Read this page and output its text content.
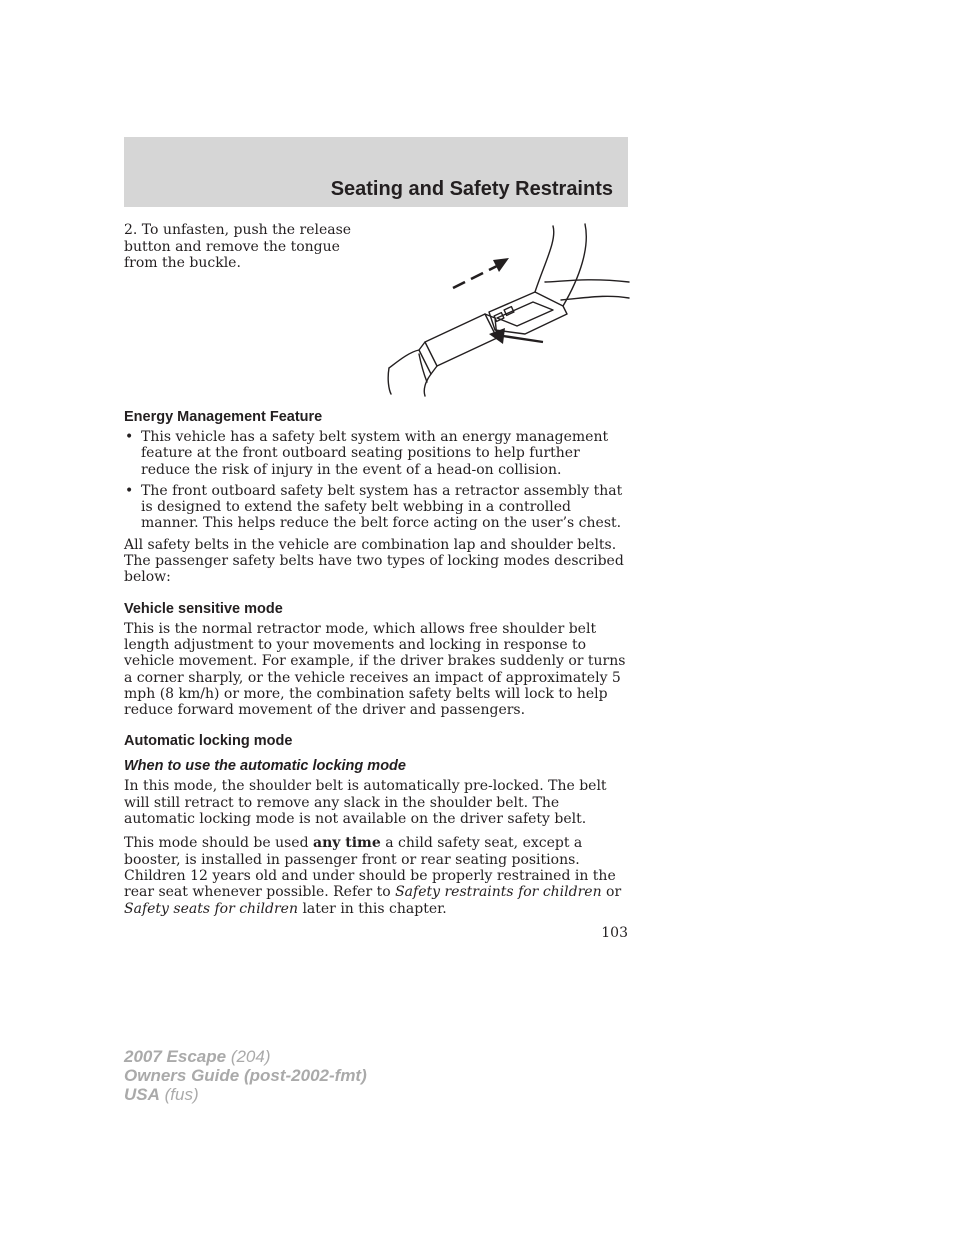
Seating and Safety Restraints

2. To unfasten, push the release button and remove the tongue from the buckle.

Energy Management Feature
• This vehicle has a safety belt system with an energy management feature at the front outboard seating positions to help further reduce the risk of injury in the event of a head-on collision.
• The front outboard safety belt system has a retractor assembly that is designed to extend the safety belt webbing in a controlled manner. This helps reduce the belt force acting on the user’s chest.

All safety belts in the vehicle are combination lap and shoulder belts. The passenger safety belts have two types of locking modes described below:

Vehicle sensitive mode

This is the normal retractor mode, which allows free shoulder belt length adjustment to your movements and locking in response to vehicle movement. For example, if the driver brakes suddenly or turns a corner sharply, or the vehicle receives an impact of approximately 5 mph (8 km/h) or more, the combination safety belts will lock to help reduce forward movement of the driver and passengers.

Automatic locking mode
When to use the automatic locking mode

In this mode, the shoulder belt is automatically pre-locked. The belt will still retract to remove any slack in the shoulder belt. The automatic locking mode is not available on the driver safety belt.

This mode should be used any time a child safety seat, except a booster, is installed in passenger front or rear seating positions. Children 12 years old and under should be properly restrained in the rear seat whenever possible. Refer to Safety restraints for children or Safety seats for children later in this chapter.

103
2007 Escape (204)
Owners Guide (post-2002-fmt)
USA (fus)
